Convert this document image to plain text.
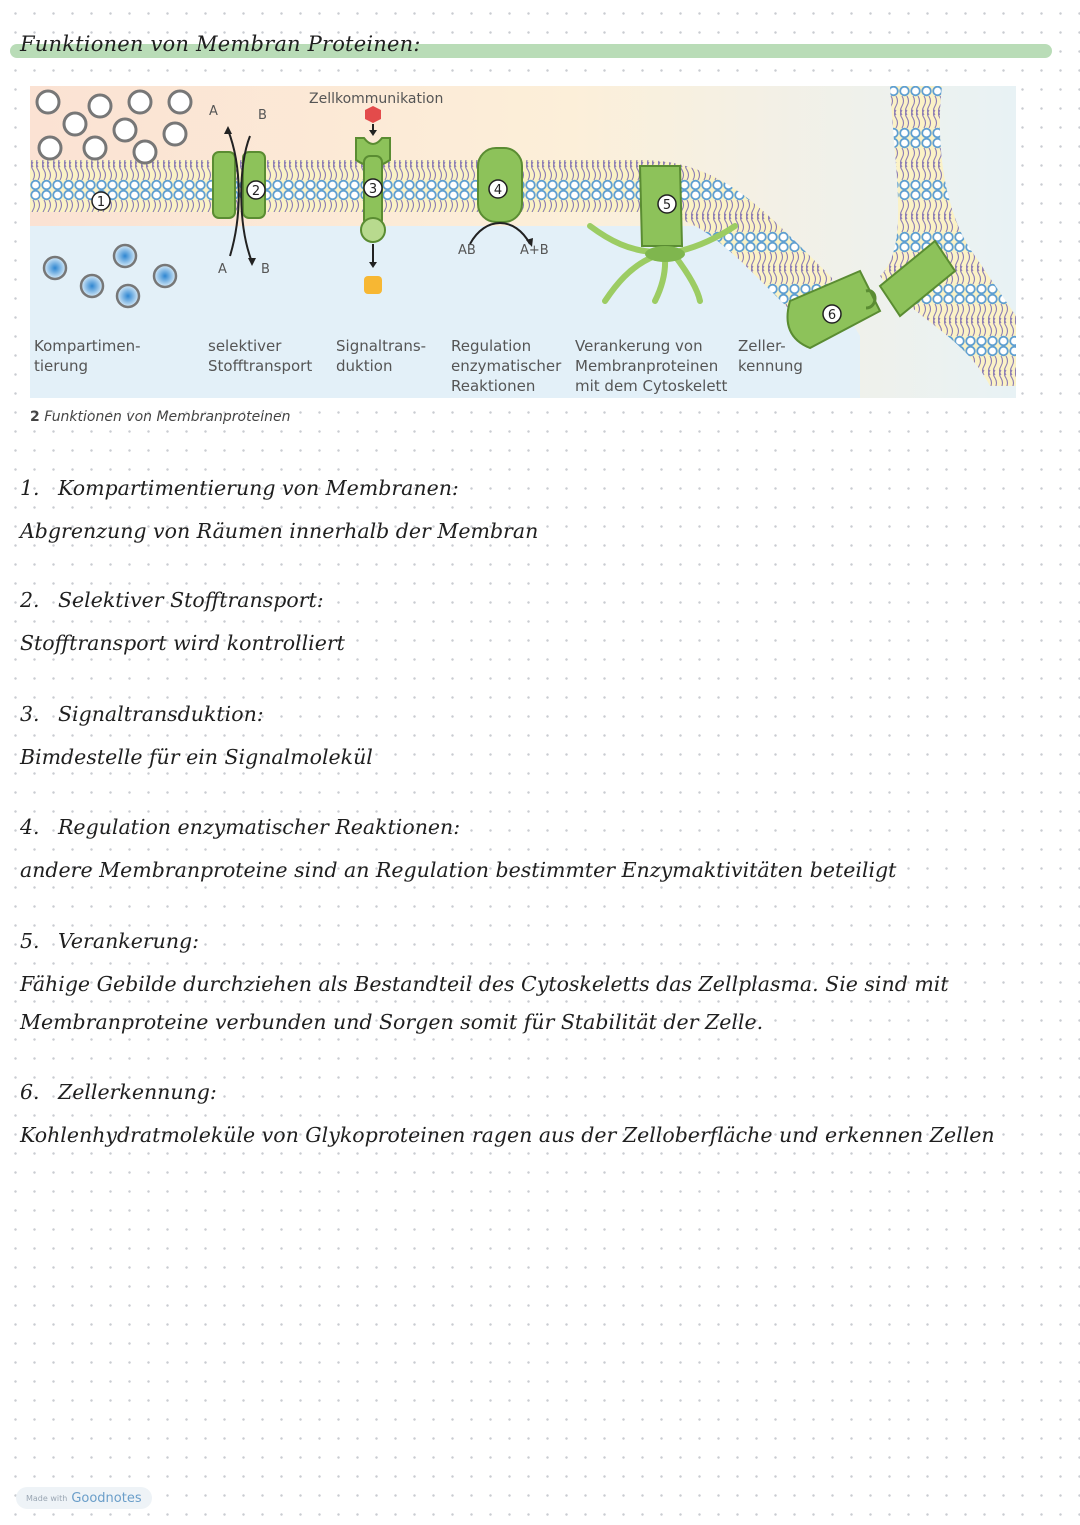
Funktionen von Membran Proteinen:
1
2	3	4
5
6
Zellkommunikation
A	B
A	B
AB	A+B
Kompartimen-
tierung
selektiver
Stofftransport
Signaltrans-
duktion
Regulation
enzymatischer
Reaktionen
Verankerung von
Membranproteinen
mit dem Cytoskelett
Zeller-
kennung
2 Funktionen von Membranproteinen
1. Kompartimentierung von Membranen:
Abgrenzung von Räumen innerhalb der Membran
2. Selektiver Stofftransport:
Stofftransport wird kontrolliert
3. Signaltransduktion:
Bimdestelle für ein Signalmolekül
4. Regulation enzymatischer Reaktionen:
andere Membranproteine sind an Regulation bestimmter Enzymaktivitäten beteiligt
5. Verankerung:
Fähige Gebilde durchziehen als Bestandteil des Cytoskeletts das Zellplasma. Sie sind mit
Membranproteine verbunden und Sorgen somit für Stabilität der Zelle.
6. Zellerkennung:
Kohlenhydratmoleküle von Glykoproteinen ragen aus der Zelloberfläche und erkennen Zellen
Made with Goodnotes
